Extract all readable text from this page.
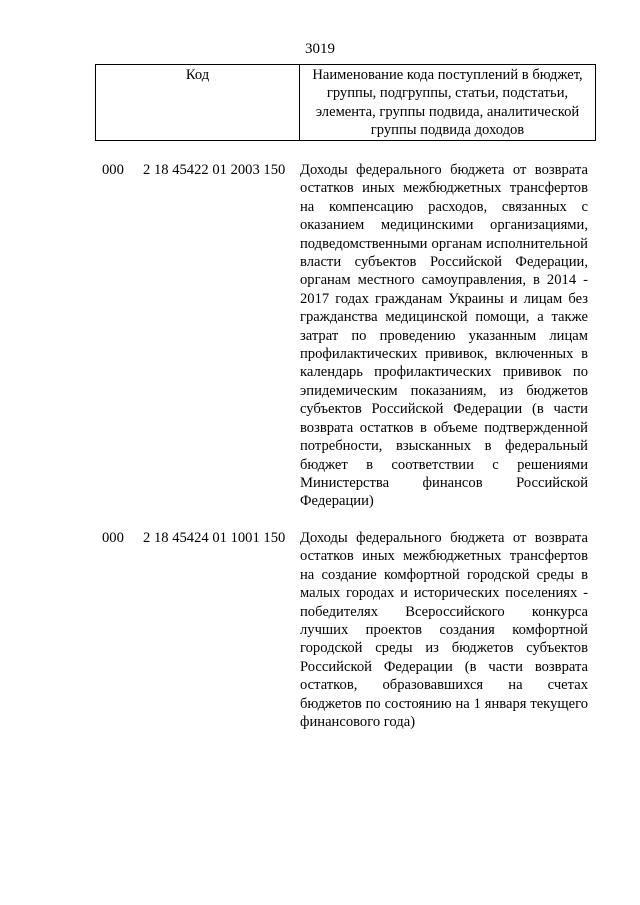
3019
Код	Наименование кода поступлений в бюджет, группы, подгруппы, статьи, подстатьи, элемента, группы подвида, аналитической группы подвида доходов
000 2 18 45422 01 2003 150 Доходы федерального бюджета от возврата остатков иных межбюджетных трансфертов на компенсацию расходов, связанных с оказанием медицинскими организациями, подведомственными органам исполнительной власти субъектов Российской Федерации, органам местного самоуправления, в 2014 - 2017 годах гражданам Украины и лицам без гражданства медицинской помощи, а также затрат по проведению указанным лицам профилактических прививок, включенных в календарь профилактических прививок по эпидемическим показаниям, из бюджетов субъектов Российской Федерации (в части возврата остатков в объеме подтвержденной потребности, взысканных в федеральный бюджет в соответствии с решениями Министерства финансов Российской Федерации)
000 2 18 45424 01 1001 150 Доходы федерального бюджета от возврата остатков иных межбюджетных трансфертов на создание комфортной городской среды в малых городах и исторических поселениях - победителях Всероссийского конкурса лучших проектов создания комфортной городской среды из бюджетов субъектов Российской Федерации (в части возврата остатков, образовавшихся на счетах бюджетов по состоянию на 1 января текущего финансового года)
